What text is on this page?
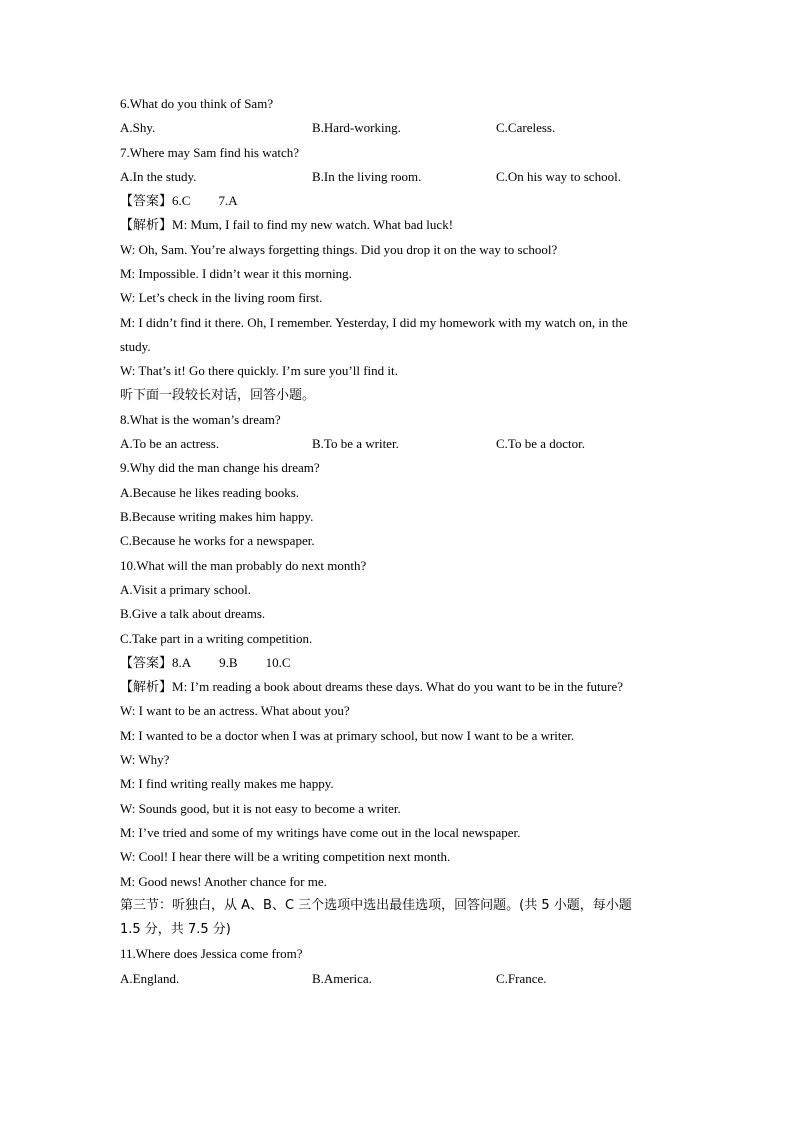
6.What do you think of Sam?
A.Shy.	B.Hard-working.	C.Careless.
7.Where may Sam find his watch?
A.In the study.	B.In the living room.	C.On his way to school.
【答案】6.C 7.A
【解析】M: Mum, I fail to find my new watch. What bad luck!
W: Oh, Sam. You’re always forgetting things. Did you drop it on the way to school?
M: Impossible. I didn’t wear it this morning.
W: Let’s check in the living room first.
M: I didn’t find it there. Oh, I remember. Yesterday, I did my homework with my watch on, in the
study.
W: That’s it! Go there quickly. I’m sure you’ll find it.
听下面一段较长对话，回答小题。
8.What is the woman’s dream?
A.To be an actress.	B.To be a writer.	C.To be a doctor.
9.Why did the man change his dream?
A.Because he likes reading books.
B.Because writing makes him happy.
C.Because he works for a newspaper.
10.What will the man probably do next month?
A.Visit a primary school.
B.Give a talk about dreams.
C.Take part in a writing competition.
【答案】8.A 9.B 10.C
【解析】M: I’m reading a book about dreams these days. What do you want to be in the future?
W: I want to be an actress. What about you?
M: I wanted to be a doctor when I was at primary school, but now I want to be a writer.
W: Why?
M: I find writing really makes me happy.
W: Sounds good, but it is not easy to become a writer.
M: I’ve tried and some of my writings have come out in the local newspaper.
W: Cool! I hear there will be a writing competition next month.
M: Good news! Another chance for me.
第三节：听独白，从 A、B、C 三个选项中选出最佳选项，回答问题。(共 5 小题，每小题
1.5 分，共 7.5 分)
11.Where does Jessica come from?
A.England.	B.America.	C.France.
